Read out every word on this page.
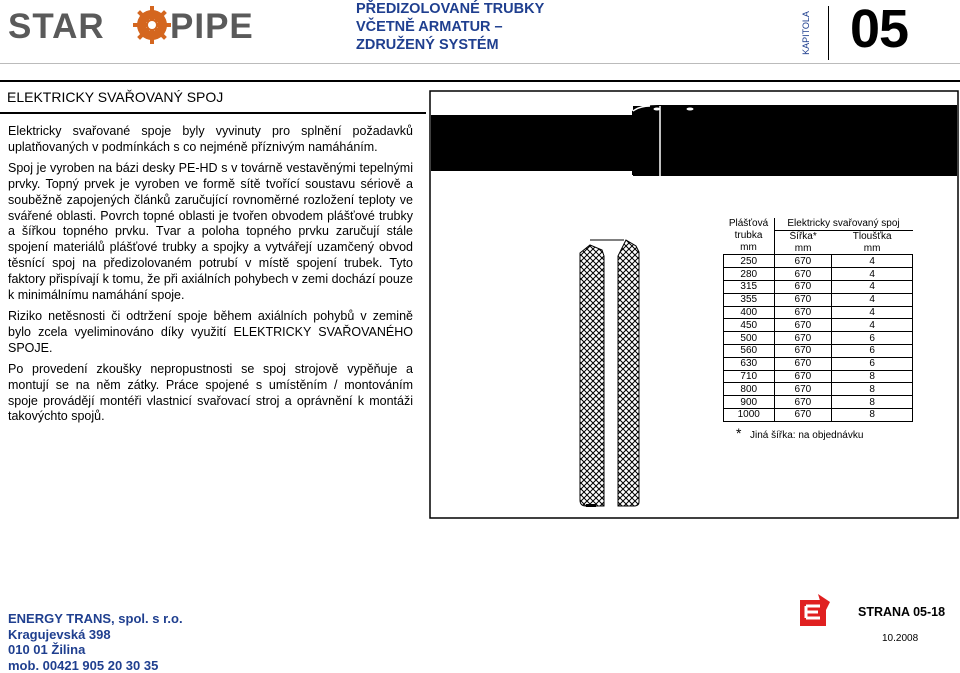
STAR PIPE	PŘEDIZOLOVANÉ TRUBKY
VČETNĚ ARMATUR –
ZDRUŽENÝ SYSTÉM	KAPITOLA 05
ELEKTRICKY SVAŘOVANÝ SPOJ

Elektricky svařované spoje byly vyvinuty pro splnění požadavků uplatňovaných v podmínkách s co nejméně příznivým namáháním.

Spoj je vyroben na bázi desky PE-HD s v továrně vestavěnými tepelnými prvky. Topný prvek je vyroben ve formě sítě tvořící soustavu sériově a souběžně zapojených článků zaručující rovnoměrné rozložení teploty ve svářené oblasti. Povrch topné oblasti je tvořen obvodem plášťové trubky a šířkou topného prvku. Tvar a poloha topného prvku zaručují stále spojení materiálů plášťové trubky a spojky a vytvářejí uzamčený obvod těsnící spoj na předizolovaném potrubí v místě spojení trubek. Tyto faktory přispívají k tomu, že při axiálních pohybech v zemi dochází pouze k minimálnímu namáhání spoje.

Riziko netěsnosti či odtržení spoje během axiálních pohybů v zemině bylo zcela vyeliminováno díky využití ELEKTRICKY SVAŘOVANÉHO SPOJE.

Po provedení zkoušky nepropustnosti se spoj strojově vypěňuje a montují se na něm zátky. Práce spojené s umístěním / montováním spoje provádějí montéři vlastnicí svařovací stroj a oprávnění k montáži takovýchto spojů.

Plášťová
trubka
mm	Elektricky svařovaný spoj	
	Šířka*	Tloušťka
	mm	mm
250	670	4
280	670	4
315	670	4
355	670	4
400	670	4
450	670	4
500	670	6
560	670	6
630	670	6
710	670	8
800	670	8
900	670	8
1000	670	8
* Jiná šířka: na objednávku
ENERGY TRANS, spol. s r.o.
Kragujevská 398
010 01 Žilina
mob. 00421 905 20 30 35
STRANA 05-18
10.2008
